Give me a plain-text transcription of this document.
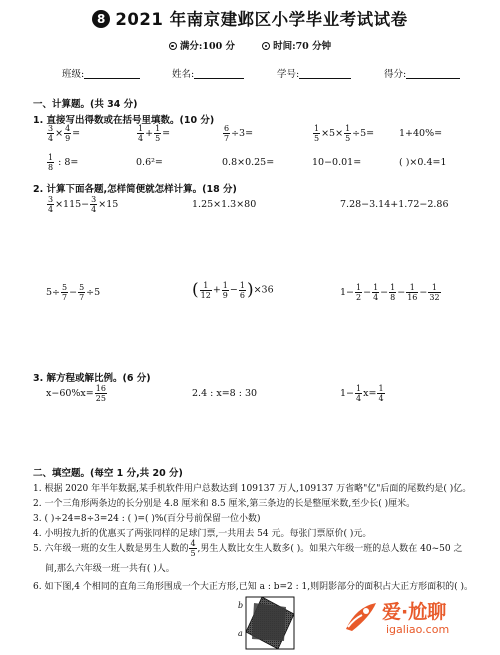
8 2021 年南京建邺区小学毕业考试试卷
满分:100 分	时间:70 分钟
班级:	姓名:	学号:	得分:
一、计算题。(共 34 分)
1. 直接写出得数或在括号里填数。(10 分)
$\frac{3}{4} \times \frac{4}{9}$ =	$\frac{1}{4} + \frac{1}{5}$ =	$\frac{6}{7} \div 3=$	$\frac{1}{5} \times 5\times \frac{1}{5} \div 5=$	1+40%=
$\frac{1}{8}$ : 8=	0.6²=	0.8×0.25=	10−0.01=	( )×0.4=1
2. 计算下面各题,怎样简便就怎样计算。(18 分)
$\frac{3}{4} \times 115- \frac{3}{4} \times 15$	1.25×1.3×80	7.28−3.14+1.72−2.86
$5\div \frac{5}{7} - \frac{5}{7} \div 5$	( $\frac{1}{12} + \frac{1}{9} - \frac{1}{6} )\times 36$	$1- \frac{1}{2} - \frac{1}{4} - \frac{1}{8} - \frac{1}{16} - \frac{1}{32}$
3. 解方程或解比例。(6 分)
$x-60\%x= \frac{16}{25}$	2.4 : x=8 : 30	$1- \frac{1}{4} x= \frac{1}{4}$
二、填空题。(每空 1 分,共 20 分)
1. 根据 2020 年半年数据,某手机软件用户总数达到 109137 万人,109137 万省略"亿"后面的尾数约是( )亿。
2. 一个三角形两条边的长分别是 4.8 厘米和 8.5 厘米,第三条边的长是整厘米数,至少长( )厘米。
3. ( )÷24=8÷3=24 : ( )=( )%(百分号前保留一位小数)
4. 小明按九折的优惠买了两张同样的足球门票,一共用去 54 元。每张门票原价( )元。
5. 六年级一班的女生人数是男生人数的 $\frac{4}{5}$ ,男生人数比女生人数多( )。如果六年级一班的总人数在 40~50 之
间,那么六年级一班一共有( )人。
6. 如下图,4 个相同的直角三角形围成一个大正方形,已知 a : b=2 : 1,则阴影部分的面积占大正方形面积的( )。
b
a
爱·尬聊
igaliao.com
